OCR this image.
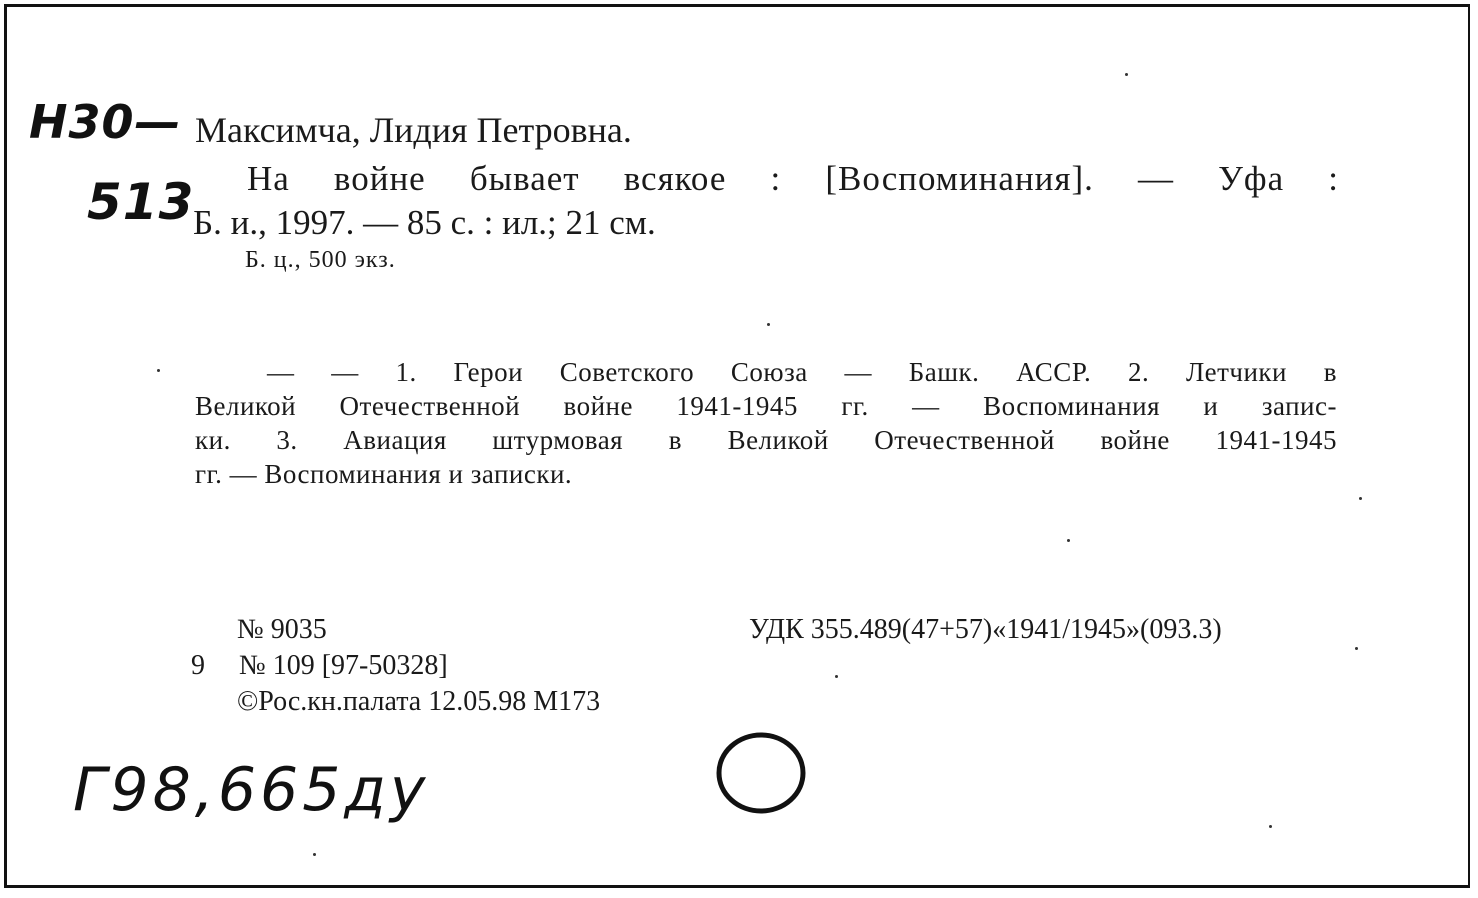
Н30—
513
Максимча, Лидия Петровна.
На войне бывает всякое : [Воспоминания]. — Уфа :
Б. и., 1997. — 85 с. : ил.; 21 см.
Б. ц., 500 экз.
— — 1. Герои Советского Союза — Башк. АССР. 2. Летчики в
Великой Отечественной войне 1941-1945 гг. — Воспоминания и запис-
ки. 3. Авиация штурмовая в Великой Отечественной войне 1941-1945
гг. — Воспоминания и записки.
№ 9035	УДК 355.489(47+57)«1941/1945»(093.3)
9 № 109 [97-50328]
©Рос.кн.палата 12.05.98 М173
Г98,665ду
